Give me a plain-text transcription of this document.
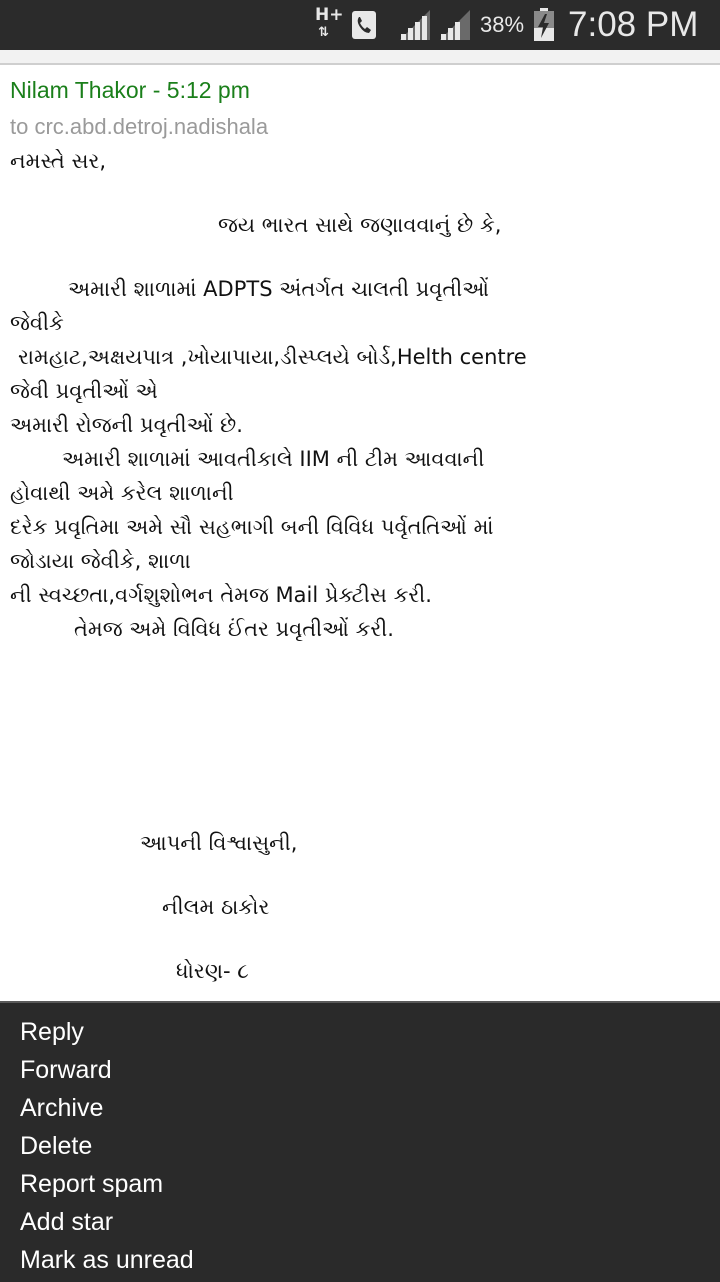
H+
⇅	38% 7:08 PM
Nilam Thakor - 5:12 pm
to crc.abd.detroj.nadishala
નમસ્તે સર,
જય ભારત સાથે જણાવવાનું છે કે,
અમારી શાળામાં ADPTS અંતર્ગત ચાલતી પ્રવૃતીઓં
જેવીકે
રામહાટ,અક્ષયપાત્ર ,ખોયાપાયા,ડીસ્પ્લયે બોર્ડ,Helth centre
જેવી પ્રવૃતીઓં એ
અમારી રોજની પ્રવૃતીઓં છે.
અમારી શાળામાં આવતીકાલે IIM ની ટીમ આવવાની
હોવાથી અમે કરેલ શાળાની
દરેક પ્રવૃતિમા અમે સૌ સહભાગી બની વિવિધ પર્વૃતતિઓં માં
જોડાયા જેવીકે, શાળા
ની સ્વચ્છતા,વર્ગશુશોભન તેમજ Mail પ્રેક્ટીસ કરી.
તેમજ અમે વિવિધ ઈંતર પ્રવૃતીઓં કરી.
આપની વિશ્વાસુની,
નીલમ ઠાકોર
ધોરણ- ૮
Reply
Forward
Archive
Delete
Report spam
Add star
Mark as unread
